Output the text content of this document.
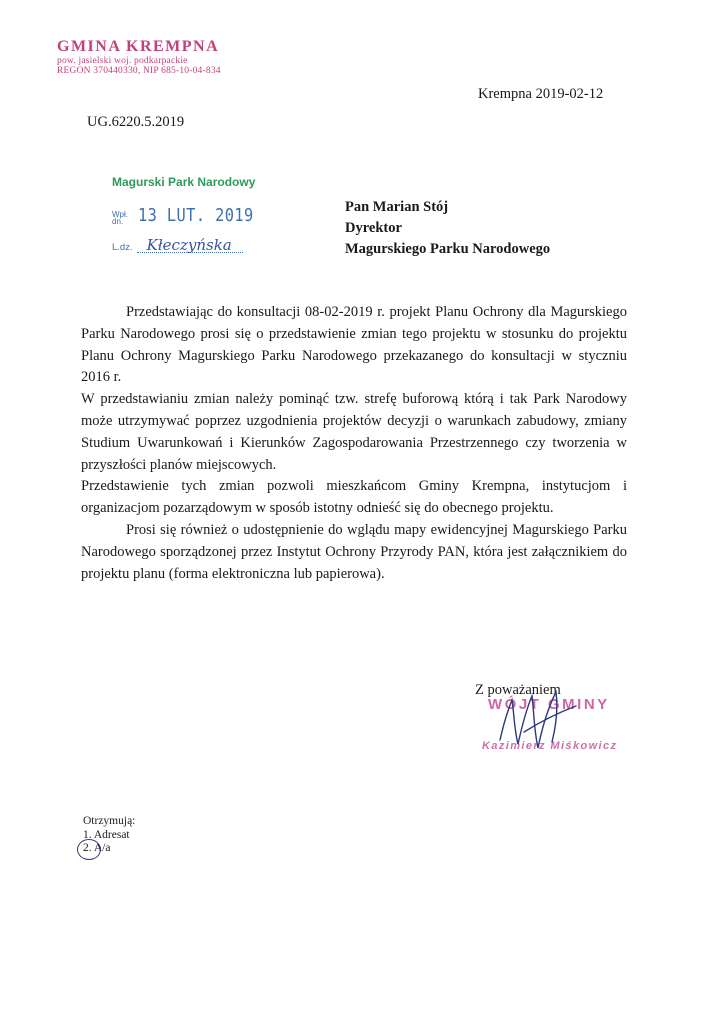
GMINA KREMPNA
pow. jasielski woj. podkarpackie
REGON 370440330, NIP 685-10-04-834
Krempna 2019-02-12
UG.6220.5.2019
Magurski Park Narodowy
Wpł.
dn. 13 LUT. 2019
L.dz. Kłeczyńska
Pan Marian Stój
Dyrektor
Magurskiego Parku Narodowego

Przedstawiając do konsultacji 08-02-2019 r. projekt Planu Ochrony dla Magurskiego Parku Narodowego prosi się o przedstawienie zmian tego projektu w stosunku do projektu Planu Ochrony Magurskiego Parku Narodowego przekazanego do konsultacji w styczniu 2016 r.

W przedstawianiu zmian należy pominąć tzw. strefę buforową którą i tak Park Narodowy może utrzymywać poprzez uzgodnienia projektów decyzji o warunkach zabudowy, zmiany Studium Uwarunkowań i Kierunków Zagospodarowania Przestrzennego czy tworzenia w przyszłości planów miejscowych.

Przedstawienie tych zmian pozwoli mieszkańcom Gminy Krempna, instytucjom i organizacjom pozarządowym w sposób istotny odnieść się do obecnego projektu.

Prosi się również o udostępnienie do wglądu mapy ewidencyjnej Magurskiego Parku Narodowego sporządzonej przez Instytut Ochrony Przyrody PAN, która jest załącznikiem do projektu planu (forma elektroniczna lub papierowa).

WÓJT GMINY
Kazimierz Miśkowicz
Z poważaniem
Otrzymują:
1. Adresat
2. A/a
